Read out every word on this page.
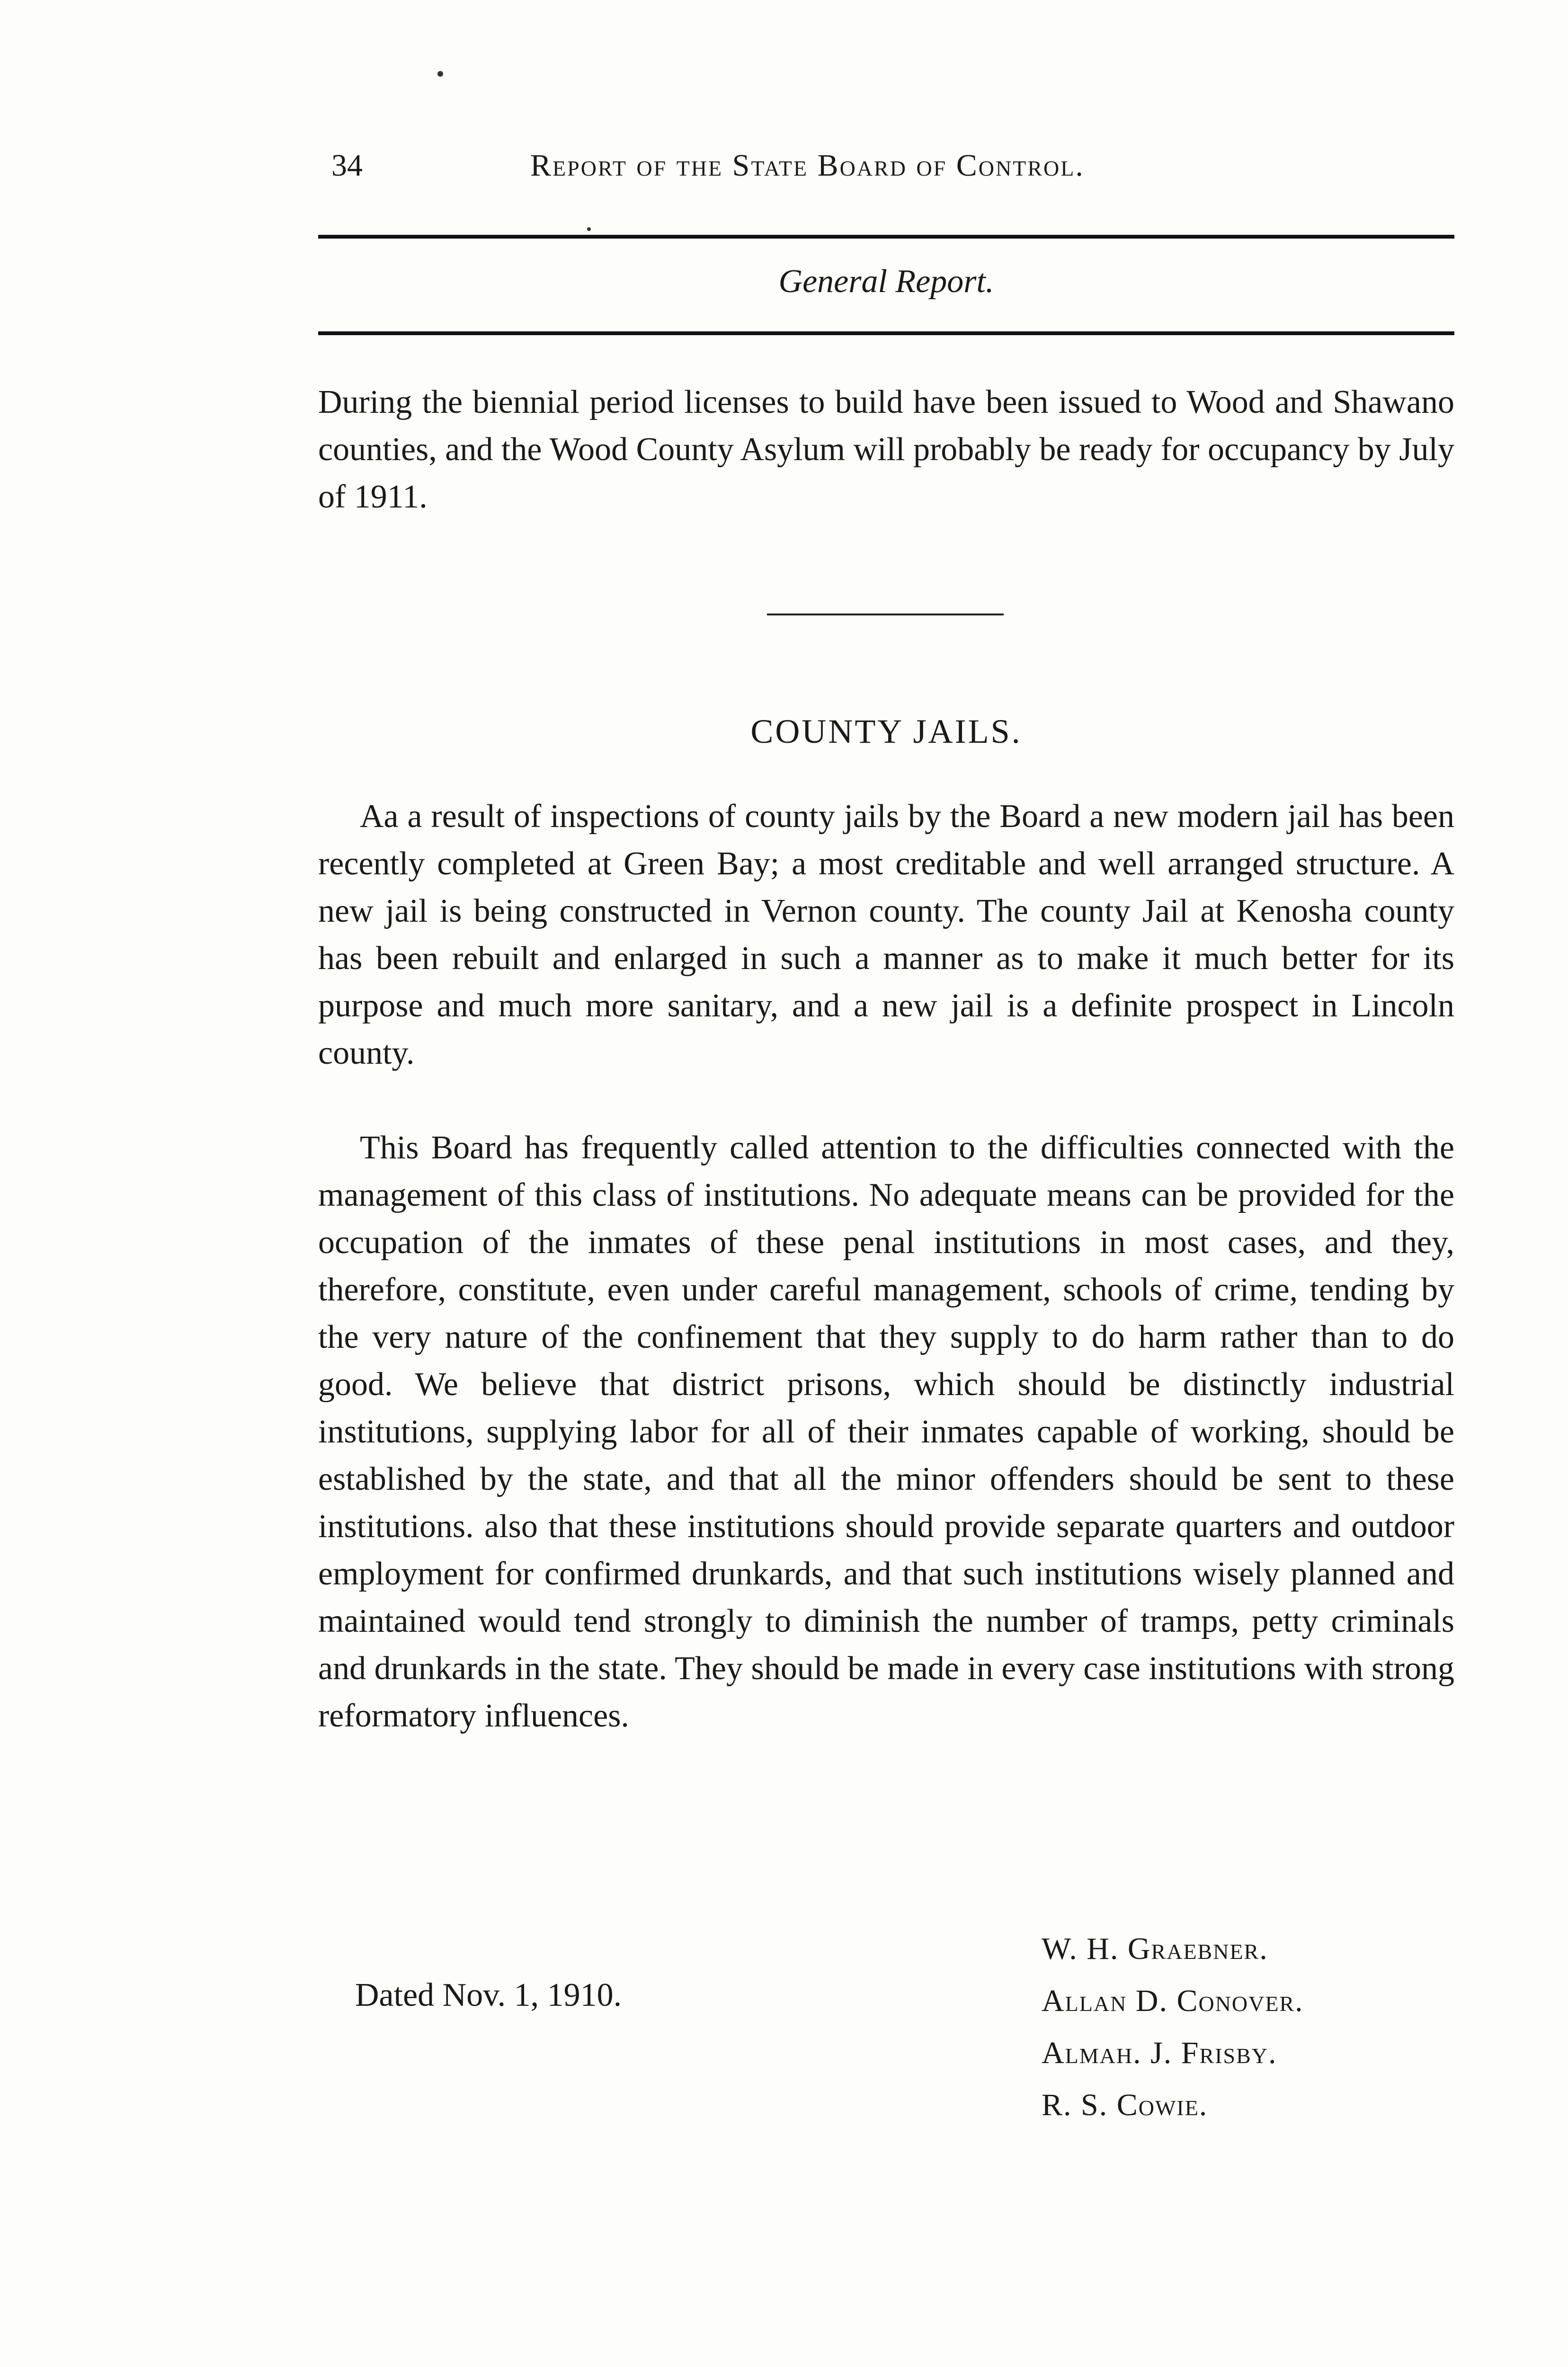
34	Report of the State Board of Control.
General Report.

During the biennial period licenses to build have been issued to Wood and Shawano counties, and the Wood County Asylum will probably be ready for occupancy by July of 1911.

COUNTY JAILS.

Aa a result of inspections of county jails by the Board a new modern jail has been recently completed at Green Bay; a most creditable and well arranged structure. A new jail is being constructed in Vernon county. The county Jail at Kenosha county has been rebuilt and enlarged in such a manner as to make it much better for its purpose and much more sanitary, and a new jail is a definite prospect in Lincoln county.

This Board has frequently called attention to the difficulties connected with the management of this class of institutions. No adequate means can be provided for the occupation of the inmates of these penal institutions in most cases, and they, therefore, constitute, even under careful management, schools of crime, tending by the very nature of the confinement that they supply to do harm rather than to do good. We believe that district prisons, which should be distinctly industrial institutions, supplying labor for all of their inmates capable of working, should be established by the state, and that all the minor offenders should be sent to these institutions. also that these institutions should provide separate quarters and outdoor employment for confirmed drunkards, and that such institutions wisely planned and maintained would tend strongly to diminish the number of tramps, petty criminals and drunkards in the state. They should be made in every case institutions with strong reformatory influences.

Dated Nov. 1, 1910.
W. H. Graebner.
Allan D. Conover.
Almah. J. Frisby.
R. S. Cowie.
